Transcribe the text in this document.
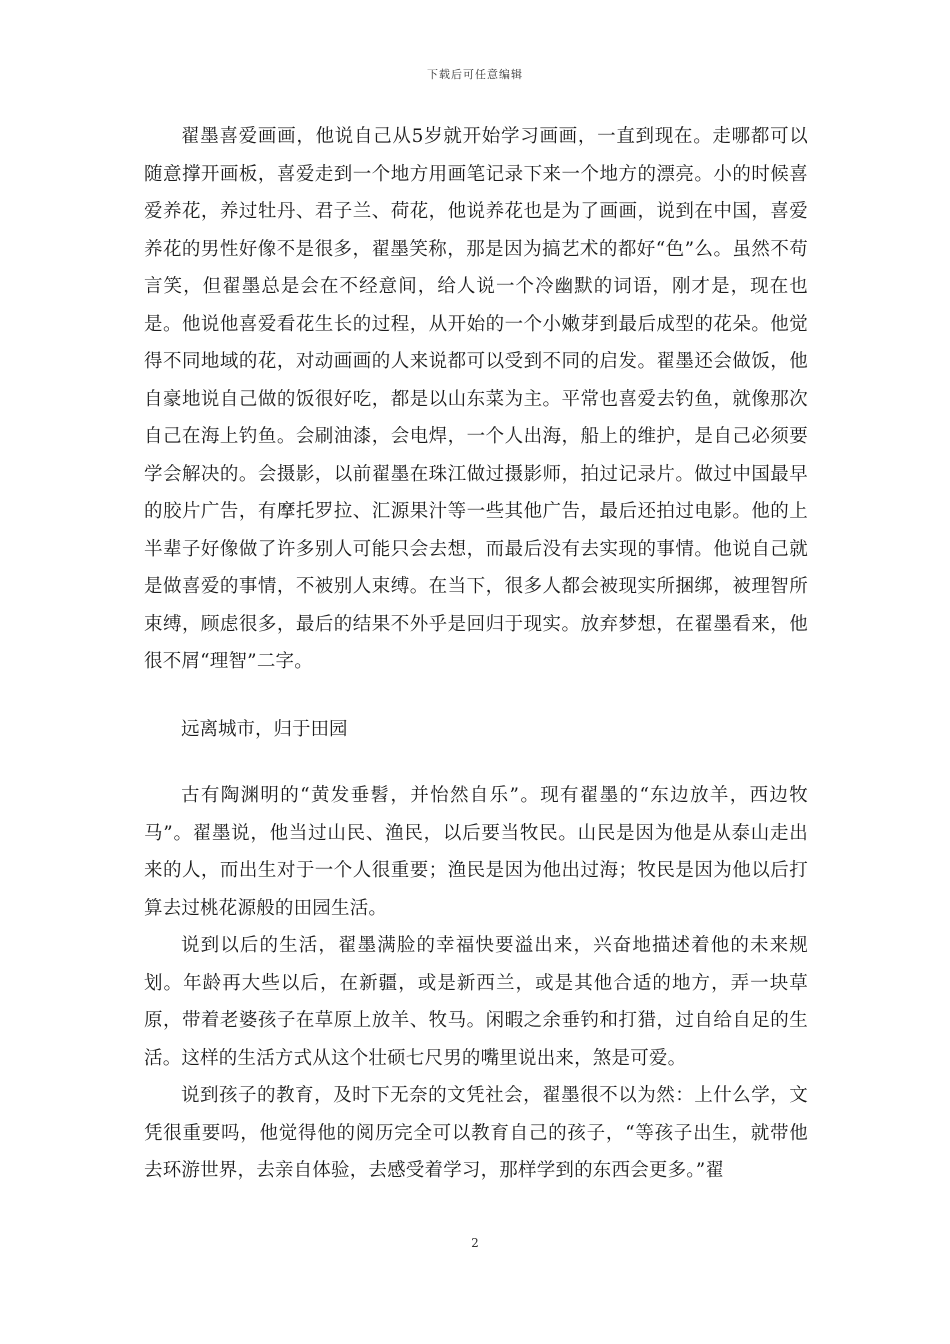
下载后可任意编辑

翟墨喜爱画画，他说自己从5岁就开始学习画画，一直到现在。走哪都可以随意撑开画板，喜爱走到一个地方用画笔记录下来一个地方的漂亮。小的时候喜爱养花，养过牡丹、君子兰、荷花，他说养花也是为了画画，说到在中国，喜爱养花的男性好像不是很多，翟墨笑称，那是因为搞艺术的都好“色”么。虽然不苟言笑，但翟墨总是会在不经意间，给人说一个冷幽默的词语，刚才是，现在也是。他说他喜爱看花生长的过程，从开始的一个小嫩芽到最后成型的花朵。他觉得不同地域的花，对动画画的人来说都可以受到不同的启发。翟墨还会做饭，他自豪地说自己做的饭很好吃，都是以山东菜为主。平常也喜爱去钓鱼，就像那次自己在海上钓鱼。会刷油漆，会电焊，一个人出海，船上的维护，是自己必须要学会解决的。会摄影，以前翟墨在珠江做过摄影师，拍过记录片。做过中国最早的胶片广告，有摩托罗拉、汇源果汁等一些其他广告，最后还拍过电影。他的上半辈子好像做了许多别人可能只会去想，而最后没有去实现的事情。他说自己就是做喜爱的事情，不被别人束缚。在当下，很多人都会被现实所捆绑，被理智所束缚，顾虑很多，最后的结果不外乎是回归于现实。放弃梦想，在翟墨看来，他很不屑“理智”二字。

远离城市，归于田园

古有陶渊明的“黄发垂髫，并怡然自乐”。现有翟墨的“东边放羊，西边牧马”。翟墨说，他当过山民、渔民，以后要当牧民。山民是因为他是从泰山走出来的人，而出生对于一个人很重要；渔民是因为他出过海；牧民是因为他以后打算去过桃花源般的田园生活。

说到以后的生活，翟墨满脸的幸福快要溢出来，兴奋地描述着他的未来规划。年龄再大些以后，在新疆，或是新西兰，或是其他合适的地方，弄一块草原，带着老婆孩子在草原上放羊、牧马。闲暇之余垂钓和打猎，过自给自足的生活。这样的生活方式从这个壮硕七尺男的嘴里说出来，煞是可爱。

说到孩子的教育，及时下无奈的文凭社会，翟墨很不以为然：上什么学，文凭很重要吗，他觉得他的阅历完全可以教育自己的孩子，“等孩子出生，就带他去环游世界，去亲自体验，去感受着学习，那样学到的东西会更多。”翟

2
